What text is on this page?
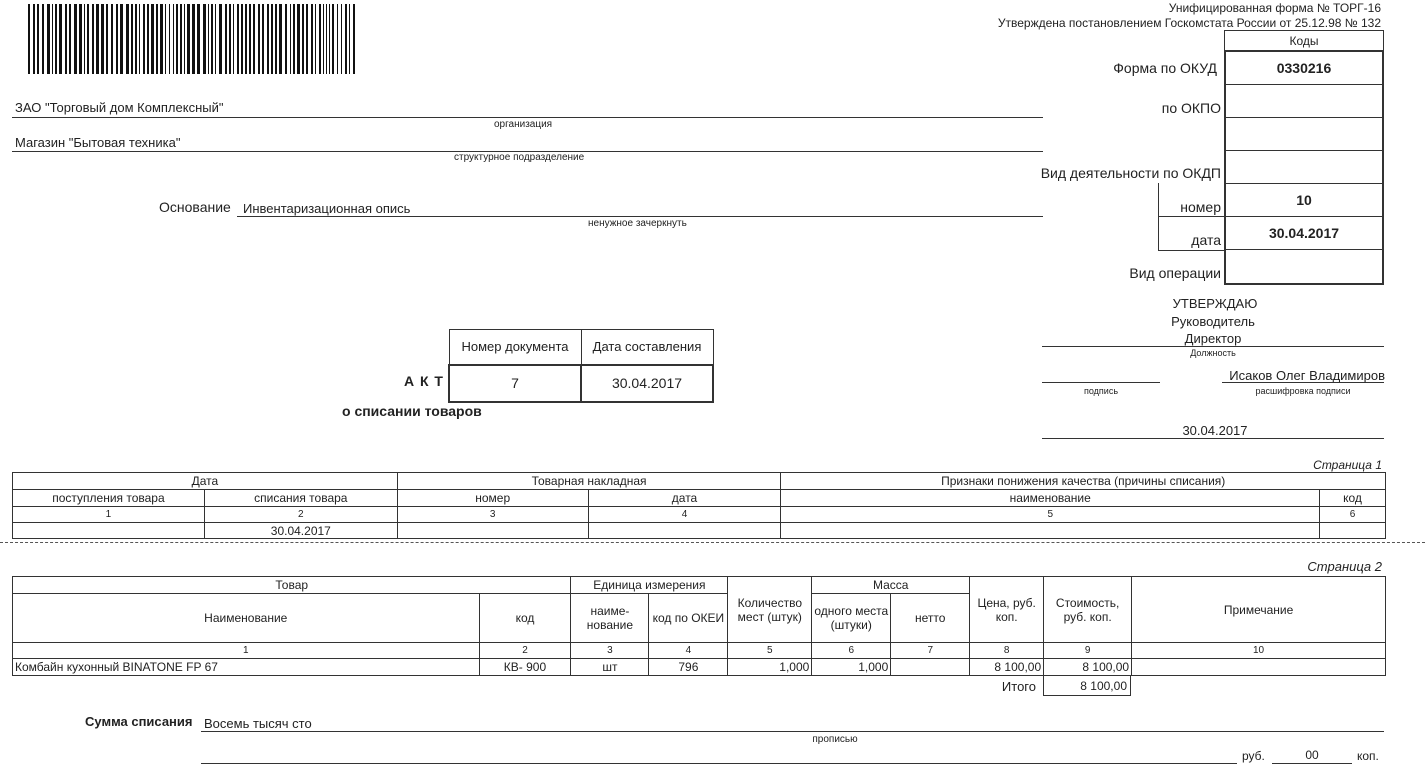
Унифицированная форма № ТОРГ-16
Утверждена постановлением Госкомстата России от 25.12.98 № 132
Коды
0330216
10
30.04.2017
Форма по ОКУД
по ОКПО
Вид деятельности по ОКДП
номер
дата
Вид операции
ЗАО "Торговый дом Комплексный"
организация
Магазин "Бытовая техника"
структурное подразделение
Основание Инвентаризационная опись
ненужное зачеркнуть
УТВЕРЖДАЮ
Руководитель
Директор
Должность
подпись
Исаков Олег Владимиров
расшифровка подписи
30.04.2017
А К Т
о списании товаров
Номер документа	Дата составления
7	30.04.2017
Страница 1
Дата		Товарная накладная		Признаки понижения качества (причины списания)	
поступления товара	списания товара	номер	дата	наименование	код
1	2	3	4	5	6
	30.04.2017				
Страница 2
Товар		Единица измерения		Количество мест (штук)	Масса		Цена, руб. коп.	Стоимость, руб. коп.	Примечание
Наименование	код	наиме-нование	код по ОКЕИ		одного места (штуки)	нетто			
1	2	3	4	5	6	7	8	9	10
Комбайн кухонный BINATONE FP 67	КВ- 900	шт	796	1,000	1,000		8 100,00	8 100,00	
Итого	8 100,00
Сумма списания Восемь тысяч сто
прописью
руб.	00	коп.
